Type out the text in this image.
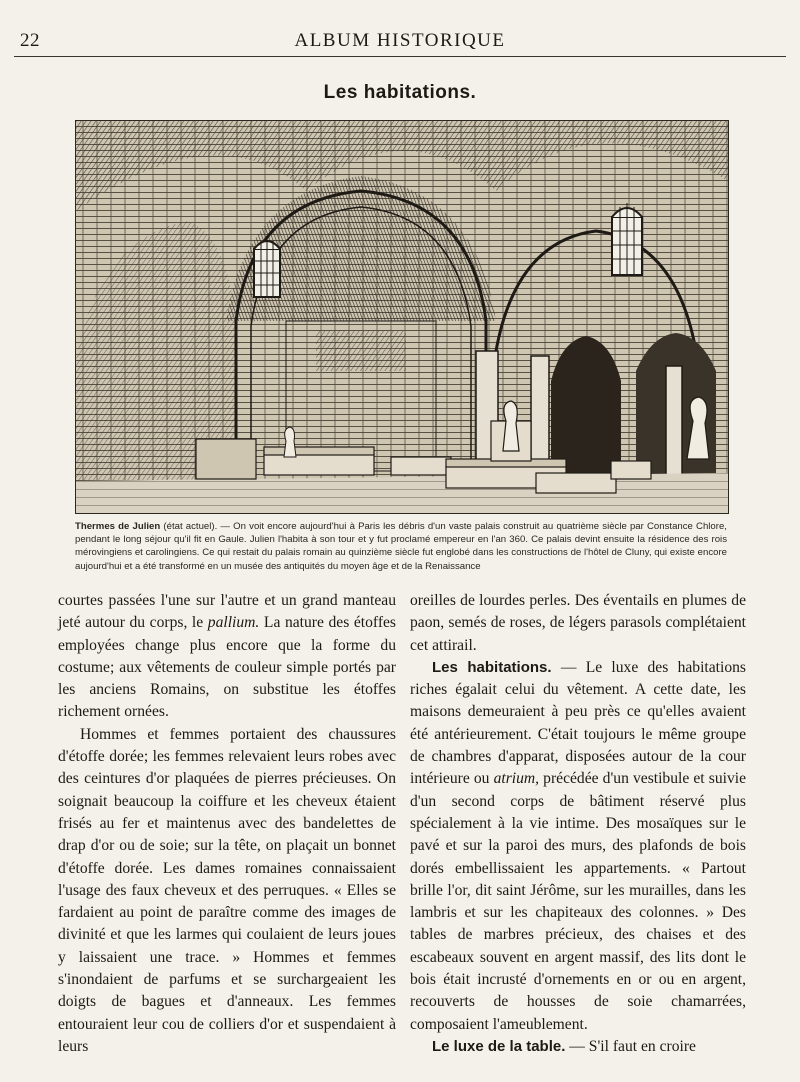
22	ALBUM HISTORIQUE
Les habitations.
Thermes de Julien (état actuel). — On voit encore aujourd'hui à Paris les débris d'un vaste palais construit au quatrième siècle par Constance Chlore, pendant le long séjour qu'il fit en Gaule. Julien l'habita à son tour et y fut proclamé empereur en l'an 360. Ce palais devint ensuite la résidence des rois mérovingiens et carolingiens. Ce qui restait du palais romain au quinzième siècle fut englobé dans les constructions de l'hôtel de Cluny, qui existe encore aujourd'hui et a été transformé en un musée des antiquités du moyen âge et de la Renaissance

courtes passées l'une sur l'autre et un grand manteau jeté autour du corps, le pallium. La nature des étoffes employées change plus encore que la forme du costume; aux vêtements de couleur simple portés par les anciens Romains, on substitue les étoffes richement ornées.

Hommes et femmes portaient des chaussures d'étoffe dorée; les femmes relevaient leurs robes avec des ceintures d'or plaquées de pierres précieuses. On soignait beaucoup la coiffure et les cheveux étaient frisés au fer et maintenus avec des bandelettes de drap d'or ou de soie; sur la tête, on plaçait un bonnet d'étoffe dorée. Les dames romaines connaissaient l'usage des faux cheveux et des perruques. « Elles se fardaient au point de paraître comme des images de divinité et que les larmes qui coulaient de leurs joues y laissaient une trace. » Hommes et femmes s'inondaient de parfums et se surchargeaient les doigts de bagues et d'anneaux. Les femmes entouraient leur cou de colliers d'or et suspendaient à leurs

oreilles de lourdes perles. Des éventails en plumes de paon, semés de roses, de légers parasols complétaient cet attirail.

Les habitations. — Le luxe des habitations riches égalait celui du vêtement. A cette date, les maisons demeuraient à peu près ce qu'elles avaient été antérieurement. C'était toujours le même groupe de chambres d'apparat, disposées autour de la cour intérieure ou atrium, précédée d'un vestibule et suivie d'un second corps de bâtiment réservé plus spécialement à la vie intime. Des mosaïques sur le pavé et sur la paroi des murs, des plafonds de bois dorés embellissaient les appartements. « Partout brille l'or, dit saint Jérôme, sur les murailles, dans les lambris et sur les chapiteaux des colonnes. » Des tables de marbres précieux, des chaises et des escabeaux souvent en argent massif, des lits dont le bois était incrusté d'ornements en or ou en argent, recouverts de housses de soie chamarrées, composaient l'ameublement.

Le luxe de la table. — S'il faut en croire
